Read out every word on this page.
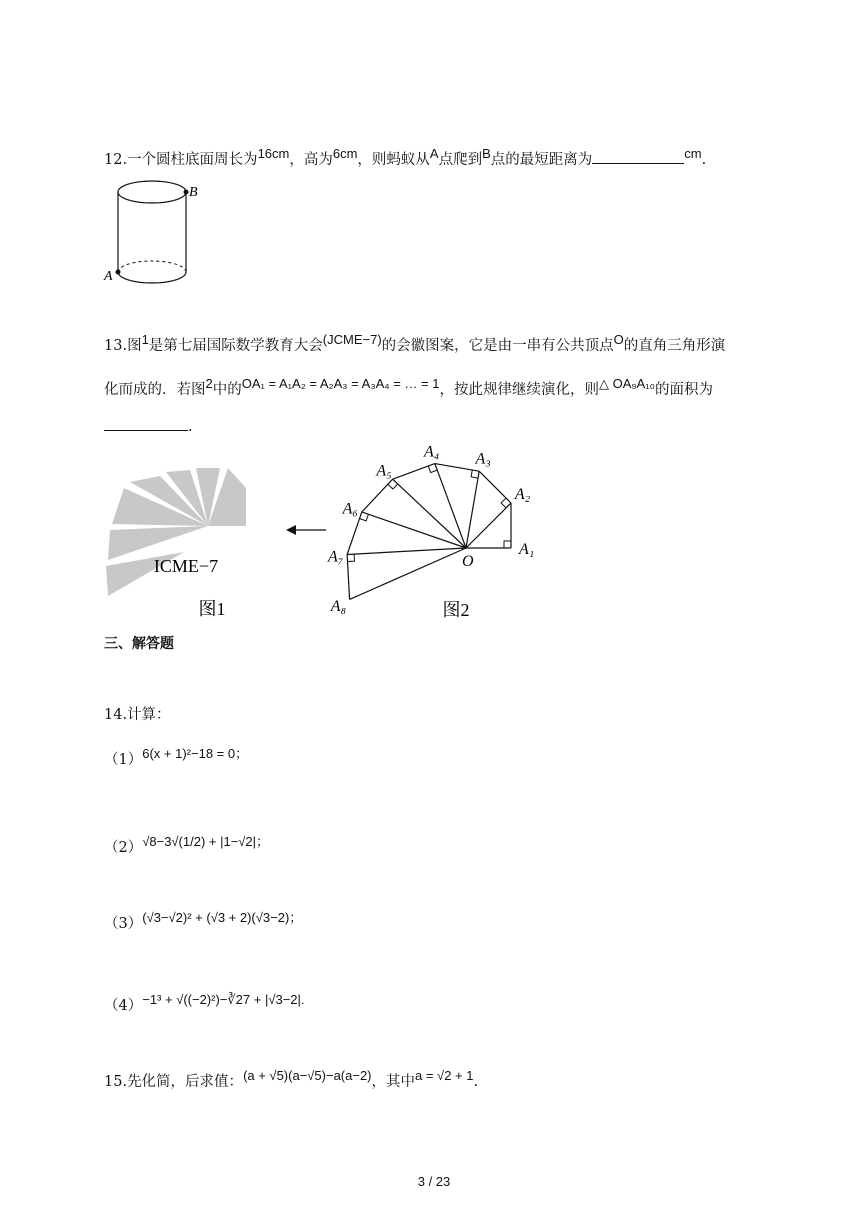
12.一个圆柱底面周长为16cm，高为6cm，则蚂蚁从A点爬到B点的最短距离为	cm.
B
A
13.图1是第七届国际数学教育大会(JCME−7)的会徽图案，它是由一串有公共顶点O的直角三角形演
化而成的．若图2中的OA₁ = A₁A₂ = A₂A₃ = A₃A₄ = … = 1，按此规律继续演化，则△ OA₉A₁₀的面积为
.
ICME−7
图1
A₁
A₂
A₃
A₄
A₅
A₆
A₇
A₈
O
图2
三、解答题
14.计算：
（1）6(x + 1)²−18 = 0；
（2）√8−3√(1/2) + |1−√2|；
（3）(√3−√2)² + (√3 + 2)(√3−2)；
（4）−1³ + √((−2)²)−∛27 + |√3−2|.
15.先化简，后求值：(a + √5)(a−√5)−a(a−2)，其中a = √2 + 1.
3 / 23
